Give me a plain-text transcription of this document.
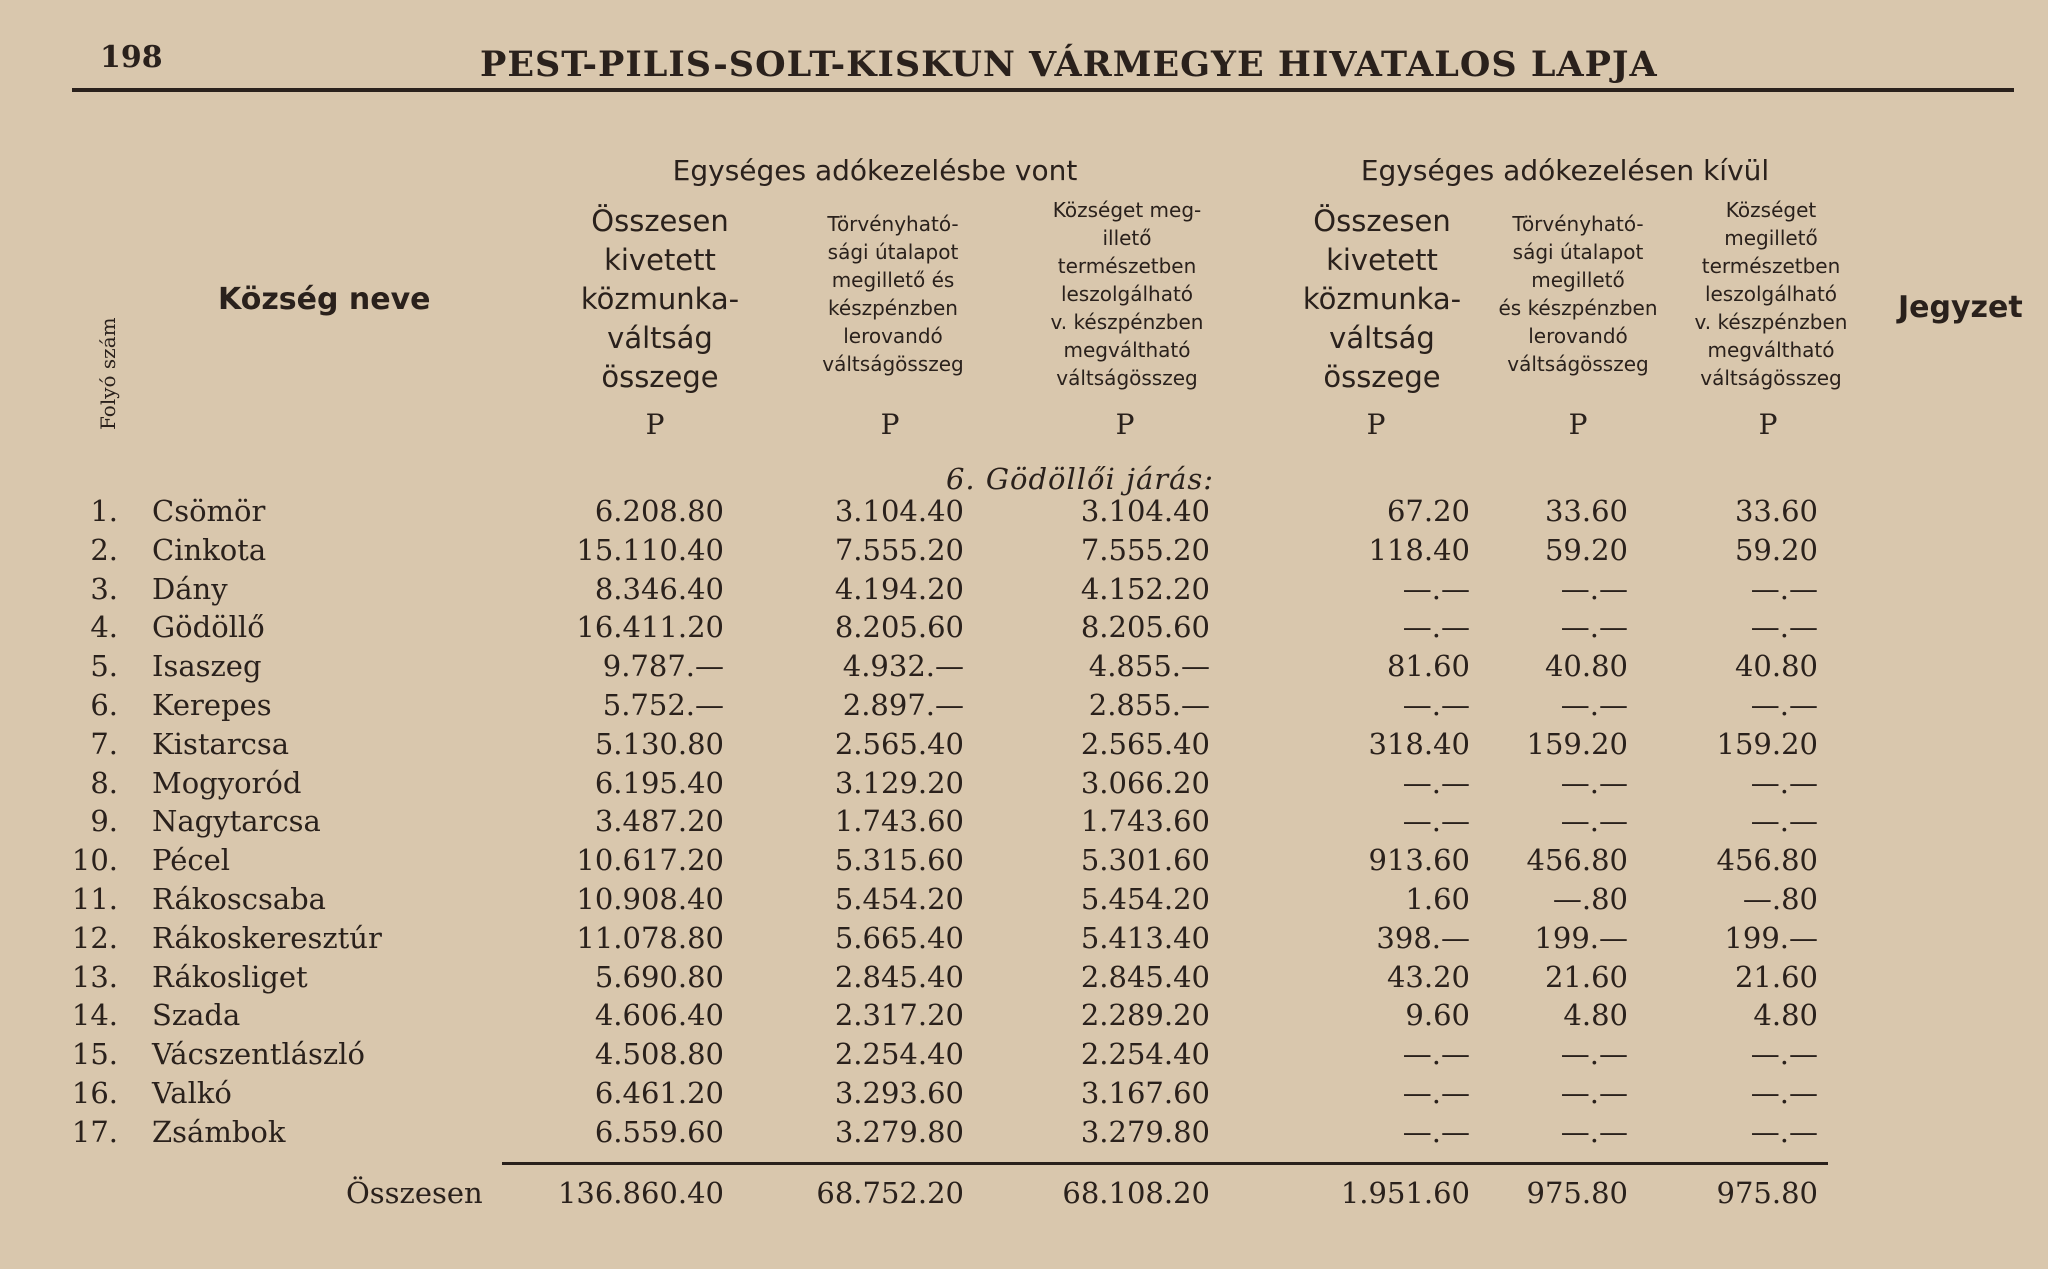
198	PEST-PILIS-SOLT-KISKUN VÁRMEGYE HIVATALOS LAPJA
Egységes adókezelésbe vont	Egységes adókezelésen kívül
Folyó szám
Község neve
Összesen
kivetett
közmunka-
váltság
összege
Törvényható-
sági útalapot
megillető és
készpénzben
lerovandó
váltságösszeg
Községet meg-
illető
természetben
leszolgálható
v. készpénzben
megváltható
váltságösszeg
Összesen
kivetett
közmunka-
váltság
összege
Törvényható-
sági útalapot
megillető
és készpénzben
lerovandó
váltságösszeg
Községet
megillető
természetben
leszolgálható
v. készpénzben
megváltható
váltságösszeg
Jegyzet
P	P	P	P	P	P
6. Gödöllői járás:
1. Csömör	6.208.80	3.104.40	3.104.40	67.20	33.60	33.60
2. Cinkota	15.110.40	7.555.20	7.555.20	118.40	59.20	59.20
3. Dány	8.346.40	4.194.20	4.152.20	—.—	—.—	—.—
4. Gödöllő	16.411.20	8.205.60	8.205.60	—.—	—.—	—.—
5. Isaszeg	9.787.—	4.932.—	4.855.—	81.60	40.80	40.80
6. Kerepes	5.752.—	2.897.—	2.855.—	—.—	—.—	—.—
7. Kistarcsa	5.130.80	2.565.40	2.565.40	318.40 159.20	159.20
8. Mogyoród	6.195.40	3.129.20	3.066.20	—.—	—.—	—.—
9. Nagytarcsa	3.487.20	1.743.60	1.743.60	—.—	—.—	—.—
10. Pécel	10.617.20	5.315.60	5.301.60	913.60 456.80	456.80
11. Rákoscsaba	10.908.40	5.454.20	5.454.20	1.60	—.80	—.80
12. Rákoskeresztúr	11.078.80	5.665.40	5.413.40	398.— 199.—	199.—
13. Rákosliget	5.690.80	2.845.40	2.845.40	43.20	21.60	21.60
14. Szada	4.606.40	2.317.20	2.289.20	9.60	4.80	4.80
15. Vácszentlászló	4.508.80	2.254.40	2.254.40	—.—	—.—	—.—
16. Valkó	6.461.20	3.293.60	3.167.60	—.—	—.—	—.—
17. Zsámbok	6.559.60	3.279.80	3.279.80	—.—	—.—	—.—
Összesen	136.860.40	68.752.20	68.108.20	1.951.60 975.80	975.80
